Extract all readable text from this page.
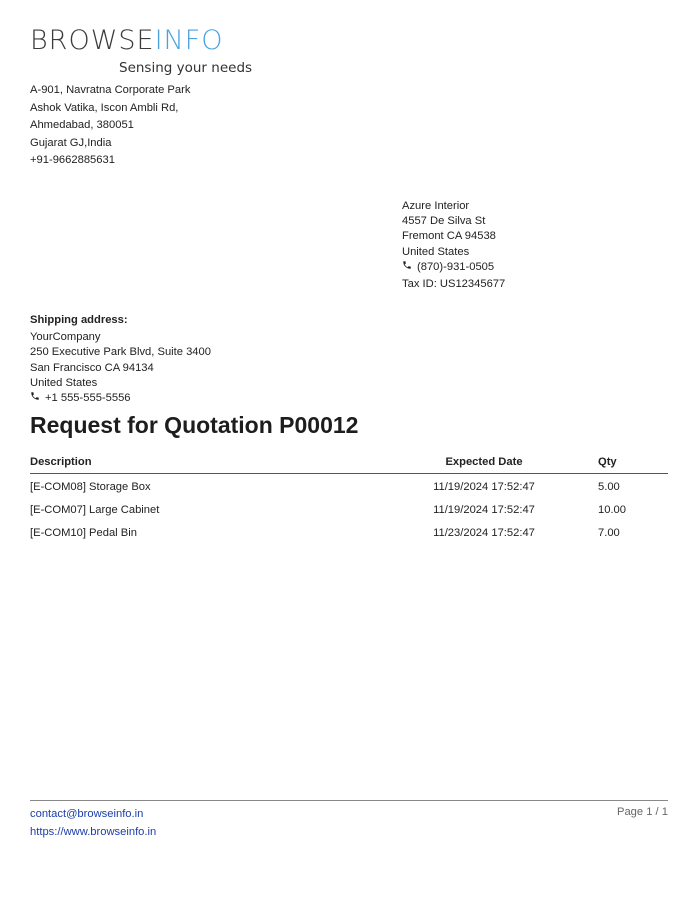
BROWSEINFO
Sensing your needs
A-901, Navratna Corporate Park
Ashok Vatika, Iscon Ambli Rd,
Ahmedabad, 380051
Gujarat GJ,India
+91-9662885631
Azure Interior
4557 De Silva St
Fremont CA 94538
United States
(870)-931-0505
Tax ID: US12345677
Shipping address:
YourCompany
250 Executive Park Blvd, Suite 3400
San Francisco CA 94134
United States
+1 555-555-5556
Request for Quotation P00012
Description	Expected Date	Qty
[E-COM08] Storage Box	11/19/2024 17:52:47	5.00
[E-COM07] Large Cabinet	11/19/2024 17:52:47	10.00
[E-COM10] Pedal Bin	11/23/2024 17:52:47	7.00
contact@browseinfo.in
https://www.browseinfo.in
Page 1 / 1
